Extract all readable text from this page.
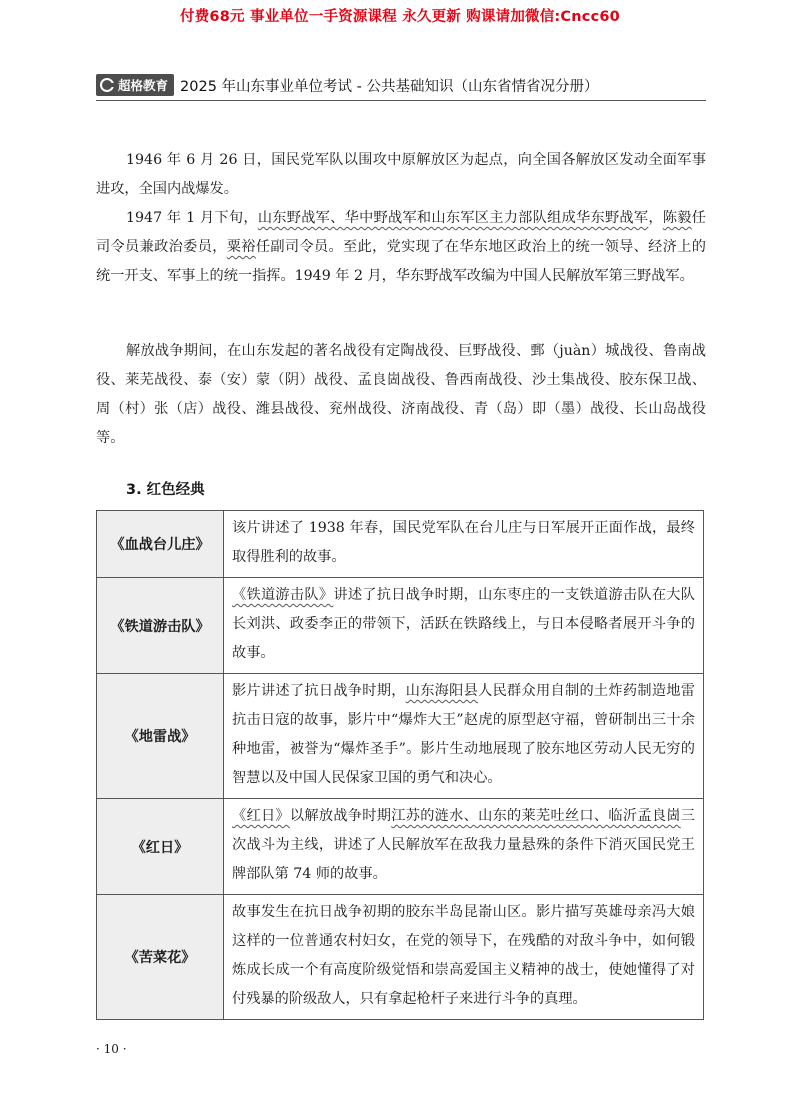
付费68元 事业单位一手资源课程 永久更新 购课请加微信:Cncc60
超格教育 2025 年山东事业单位考试 - 公共基础知识（山东省情省况分册）

1946 年 6 月 26 日，国民党军队以围攻中原解放区为起点，向全国各解放区发动全面军事进攻，全国内战爆发。

1947 年 1 月下旬，山东野战军、华中野战军和山东军区主力部队组成华东野战军，陈毅任司令员兼政治委员，粟裕任副司令员。至此，党实现了在华东地区政治上的统一领导、经济上的统一开支、军事上的统一指挥。1949 年 2 月，华东野战军改编为中国人民解放军第三野战军。

解放战争期间，在山东发起的著名战役有定陶战役、巨野战役、鄄（juàn）城战役、鲁南战役、莱芜战役、泰（安）蒙（阴）战役、孟良崮战役、鲁西南战役、沙土集战役、胶东保卫战、周（村）张（店）战役、潍县战役、兖州战役、济南战役、青（岛）即（墨）战役、长山岛战役等。

3. 红色经典
《血战台儿庄》	该片讲述了 1938 年春，国民党军队在台儿庄与日军展开正面作战，最终取得胜利的故事。
《铁道游击队》	《铁道游击队》讲述了抗日战争时期，山东枣庄的一支铁道游击队在大队长刘洪、政委李正的带领下，活跃在铁路线上，与日本侵略者展开斗争的故事。
《地雷战》	影片讲述了抗日战争时期，山东海阳县人民群众用自制的土炸药制造地雷抗击日寇的故事，影片中“爆炸大王”赵虎的原型赵守福，曾研制出三十余种地雷，被誉为“爆炸圣手”。影片生动地展现了胶东地区劳动人民无穷的智慧以及中国人民保家卫国的勇气和决心。
《红日》	《红日》以解放战争时期江苏的涟水、山东的莱芜吐丝口、临沂孟良崮三次战斗为主线，讲述了人民解放军在敌我力量悬殊的条件下消灭国民党王牌部队第 74 师的故事。
《苦菜花》	故事发生在抗日战争初期的胶东半岛昆嵛山区。影片描写英雄母亲冯大娘这样的一位普通农村妇女，在党的领导下，在残酷的对敌斗争中，如何锻炼成长成一个有高度阶级觉悟和崇高爱国主义精神的战士，使她懂得了对付残暴的阶级敌人，只有拿起枪杆子来进行斗争的真理。
· 10 ·
